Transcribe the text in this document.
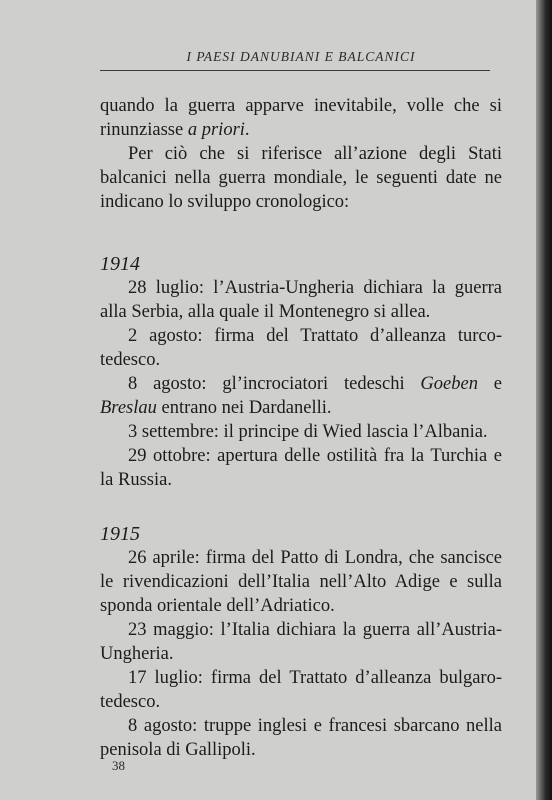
I PAESI DANUBIANI E BALCANICI

quando la guerra apparve inevitabile, volle che si rinunziasse a priori.

Per ciò che si riferisce all’azione degli Stati balcanici nella guerra mondiale, le seguenti date ne indicano lo sviluppo cronologico:

1914

28 luglio: l’Austria-Ungheria dichiara la guerra alla Serbia, alla quale il Montenegro si allea.

2 agosto: firma del Trattato d’alleanza turco-tedesco.

8 agosto: gl’incrociatori tedeschi Goeben e Breslau entrano nei Dardanelli.

3 settembre: il principe di Wied lascia l’Albania.

29 ottobre: apertura delle ostilità fra la Turchia e la Russia.

1915

26 aprile: firma del Patto di Londra, che sancisce le rivendicazioni dell’Italia nell’Alto Adige e sulla sponda orientale dell’Adriatico.

23 maggio: l’Italia dichiara la guerra all’Austria-Ungheria.

17 luglio: firma del Trattato d’alleanza bulgaro-tedesco.

8 agosto: truppe inglesi e francesi sbarcano nella penisola di Gallipoli.

38
